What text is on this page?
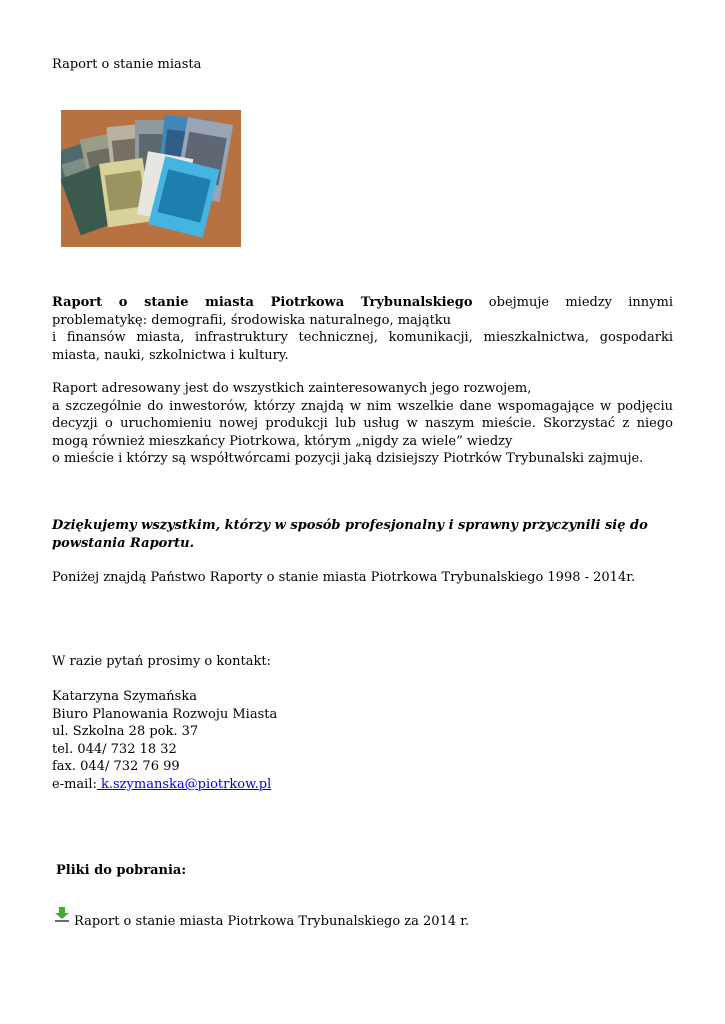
Raport o stanie miasta
Raport o stanie miasta Piotrkowa Trybunalskiego obejmuje miedzy innymi problematykę: demografii, środowiska naturalnego, majątku
i finansów miasta, infrastruktury technicznej, komunikacji, mieszkalnictwa, gospodarki miasta, nauki, szkolnictwa i kultury.
Raport adresowany jest do wszystkich zainteresowanych jego rozwojem,
a szczególnie do inwestorów, którzy znajdą w nim wszelkie dane wspomagające w podjęciu decyzji o uruchomieniu nowej produkcji lub usług w naszym mieście. Skorzystać z niego mogą również mieszkańcy Piotrkowa, którym „nigdy za wiele” wiedzy
o mieście i którzy są współtwórcami pozycji jaką dzisiejszy Piotrków Trybunalski zajmuje.
Dziękujemy wszystkim, którzy w sposób profesjonalny i sprawny przyczynili się do powstania Raportu.
Poniżej znajdą Państwo Raporty o stanie miasta Piotrkowa Trybunalskiego 1998 - 2014r.
W razie pytań prosimy o kontakt:
Katarzyna Szymańska
Biuro Planowania Rozwoju Miasta
ul. Szkolna 28 pok. 37
tel. 044/ 732 18 32
fax. 044/ 732 76 99
e-mail: k.szymanska@piotrkow.pl
Pliki do pobrania:
Raport o stanie miasta Piotrkowa Trybunalskiego za 2014 r.
